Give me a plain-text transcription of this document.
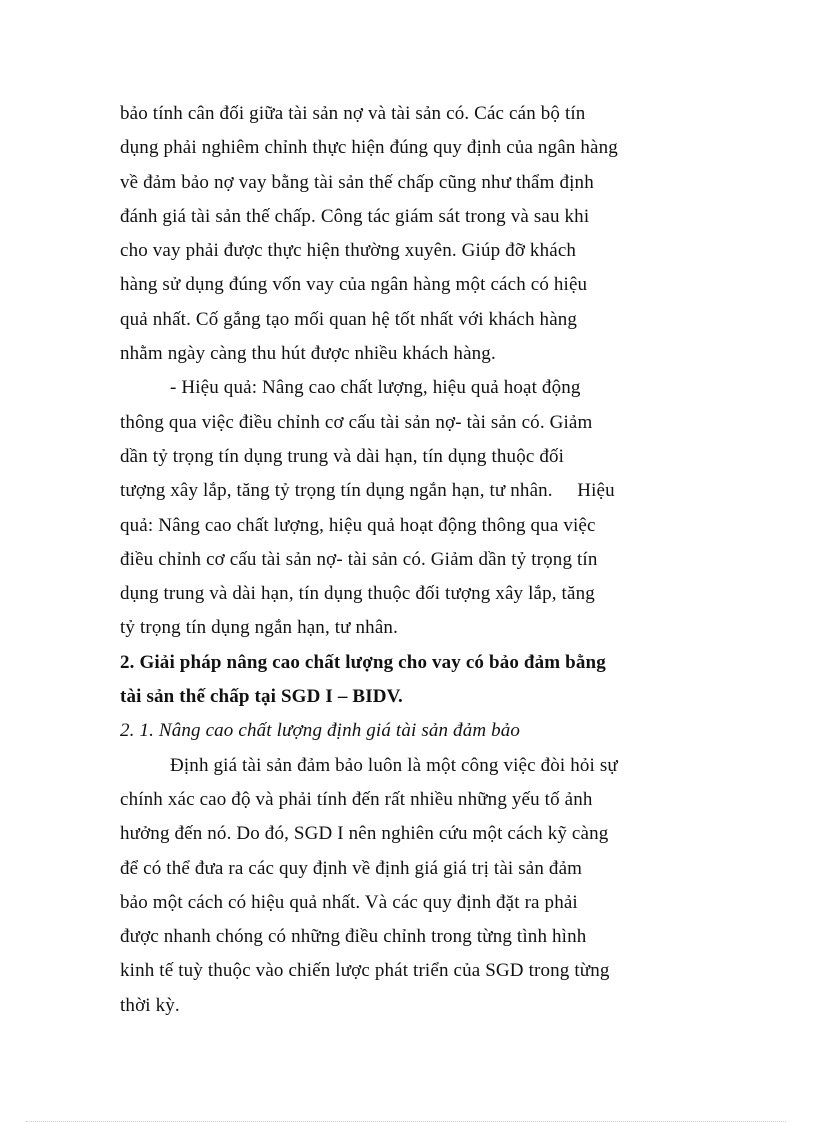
bảo tính cân đối giữa tài sản nợ và tài sản có. Các cán bộ tín
dụng phải nghiêm chỉnh thực hiện đúng quy định của ngân hàng
về đảm bảo nợ vay bằng tài sản thế chấp cũng như thẩm định
đánh giá tài sản thế chấp. Công tác giám sát trong và sau khi
cho vay phải được thực hiện thường xuyên. Giúp đỡ khách
hàng sử dụng đúng vốn vay của ngân hàng một cách có hiệu
quả nhất. Cố gắng tạo mối quan hệ tốt nhất với khách hàng
nhằm ngày càng thu hút được nhiều khách hàng.
- Hiệu quả: Nâng cao chất lượng, hiệu quả hoạt động
thông qua việc điều chỉnh cơ cấu tài sản nợ- tài sản có. Giảm
dần tỷ trọng tín dụng trung và dài hạn, tín dụng thuộc đối
tượng xây lắp, tăng tỷ trọng tín dụng ngắn hạn, tư nhân.     Hiệu
quả: Nâng cao chất lượng, hiệu quả hoạt động thông qua việc
điều chỉnh cơ cấu tài sản nợ- tài sản có. Giảm dần tỷ trọng tín
dụng trung và dài hạn, tín dụng thuộc đối tượng xây lắp, tăng
tỷ trọng tín dụng ngắn hạn, tư nhân.
2. Giải pháp nâng cao chất lượng cho vay có bảo đảm bằng
tài sản thế chấp tại SGD I – BIDV.
2. 1. Nâng cao chất lượng định giá tài sản đảm bảo
Định giá tài sản đảm bảo luôn là một công việc đòi hỏi sự
chính xác cao độ và phải tính đến rất nhiều những yếu tố ảnh
hưởng đến nó. Do đó, SGD I nên nghiên cứu một cách kỹ càng
để có thể đưa ra các quy định về định giá giá trị tài sản đảm
bảo một cách có hiệu quả nhất. Và các quy định đặt ra phải
được nhanh chóng có những điều chỉnh trong từng tình hình
kinh tế tuỳ thuộc vào chiến lược phát triển của SGD trong từng
thời kỳ.
